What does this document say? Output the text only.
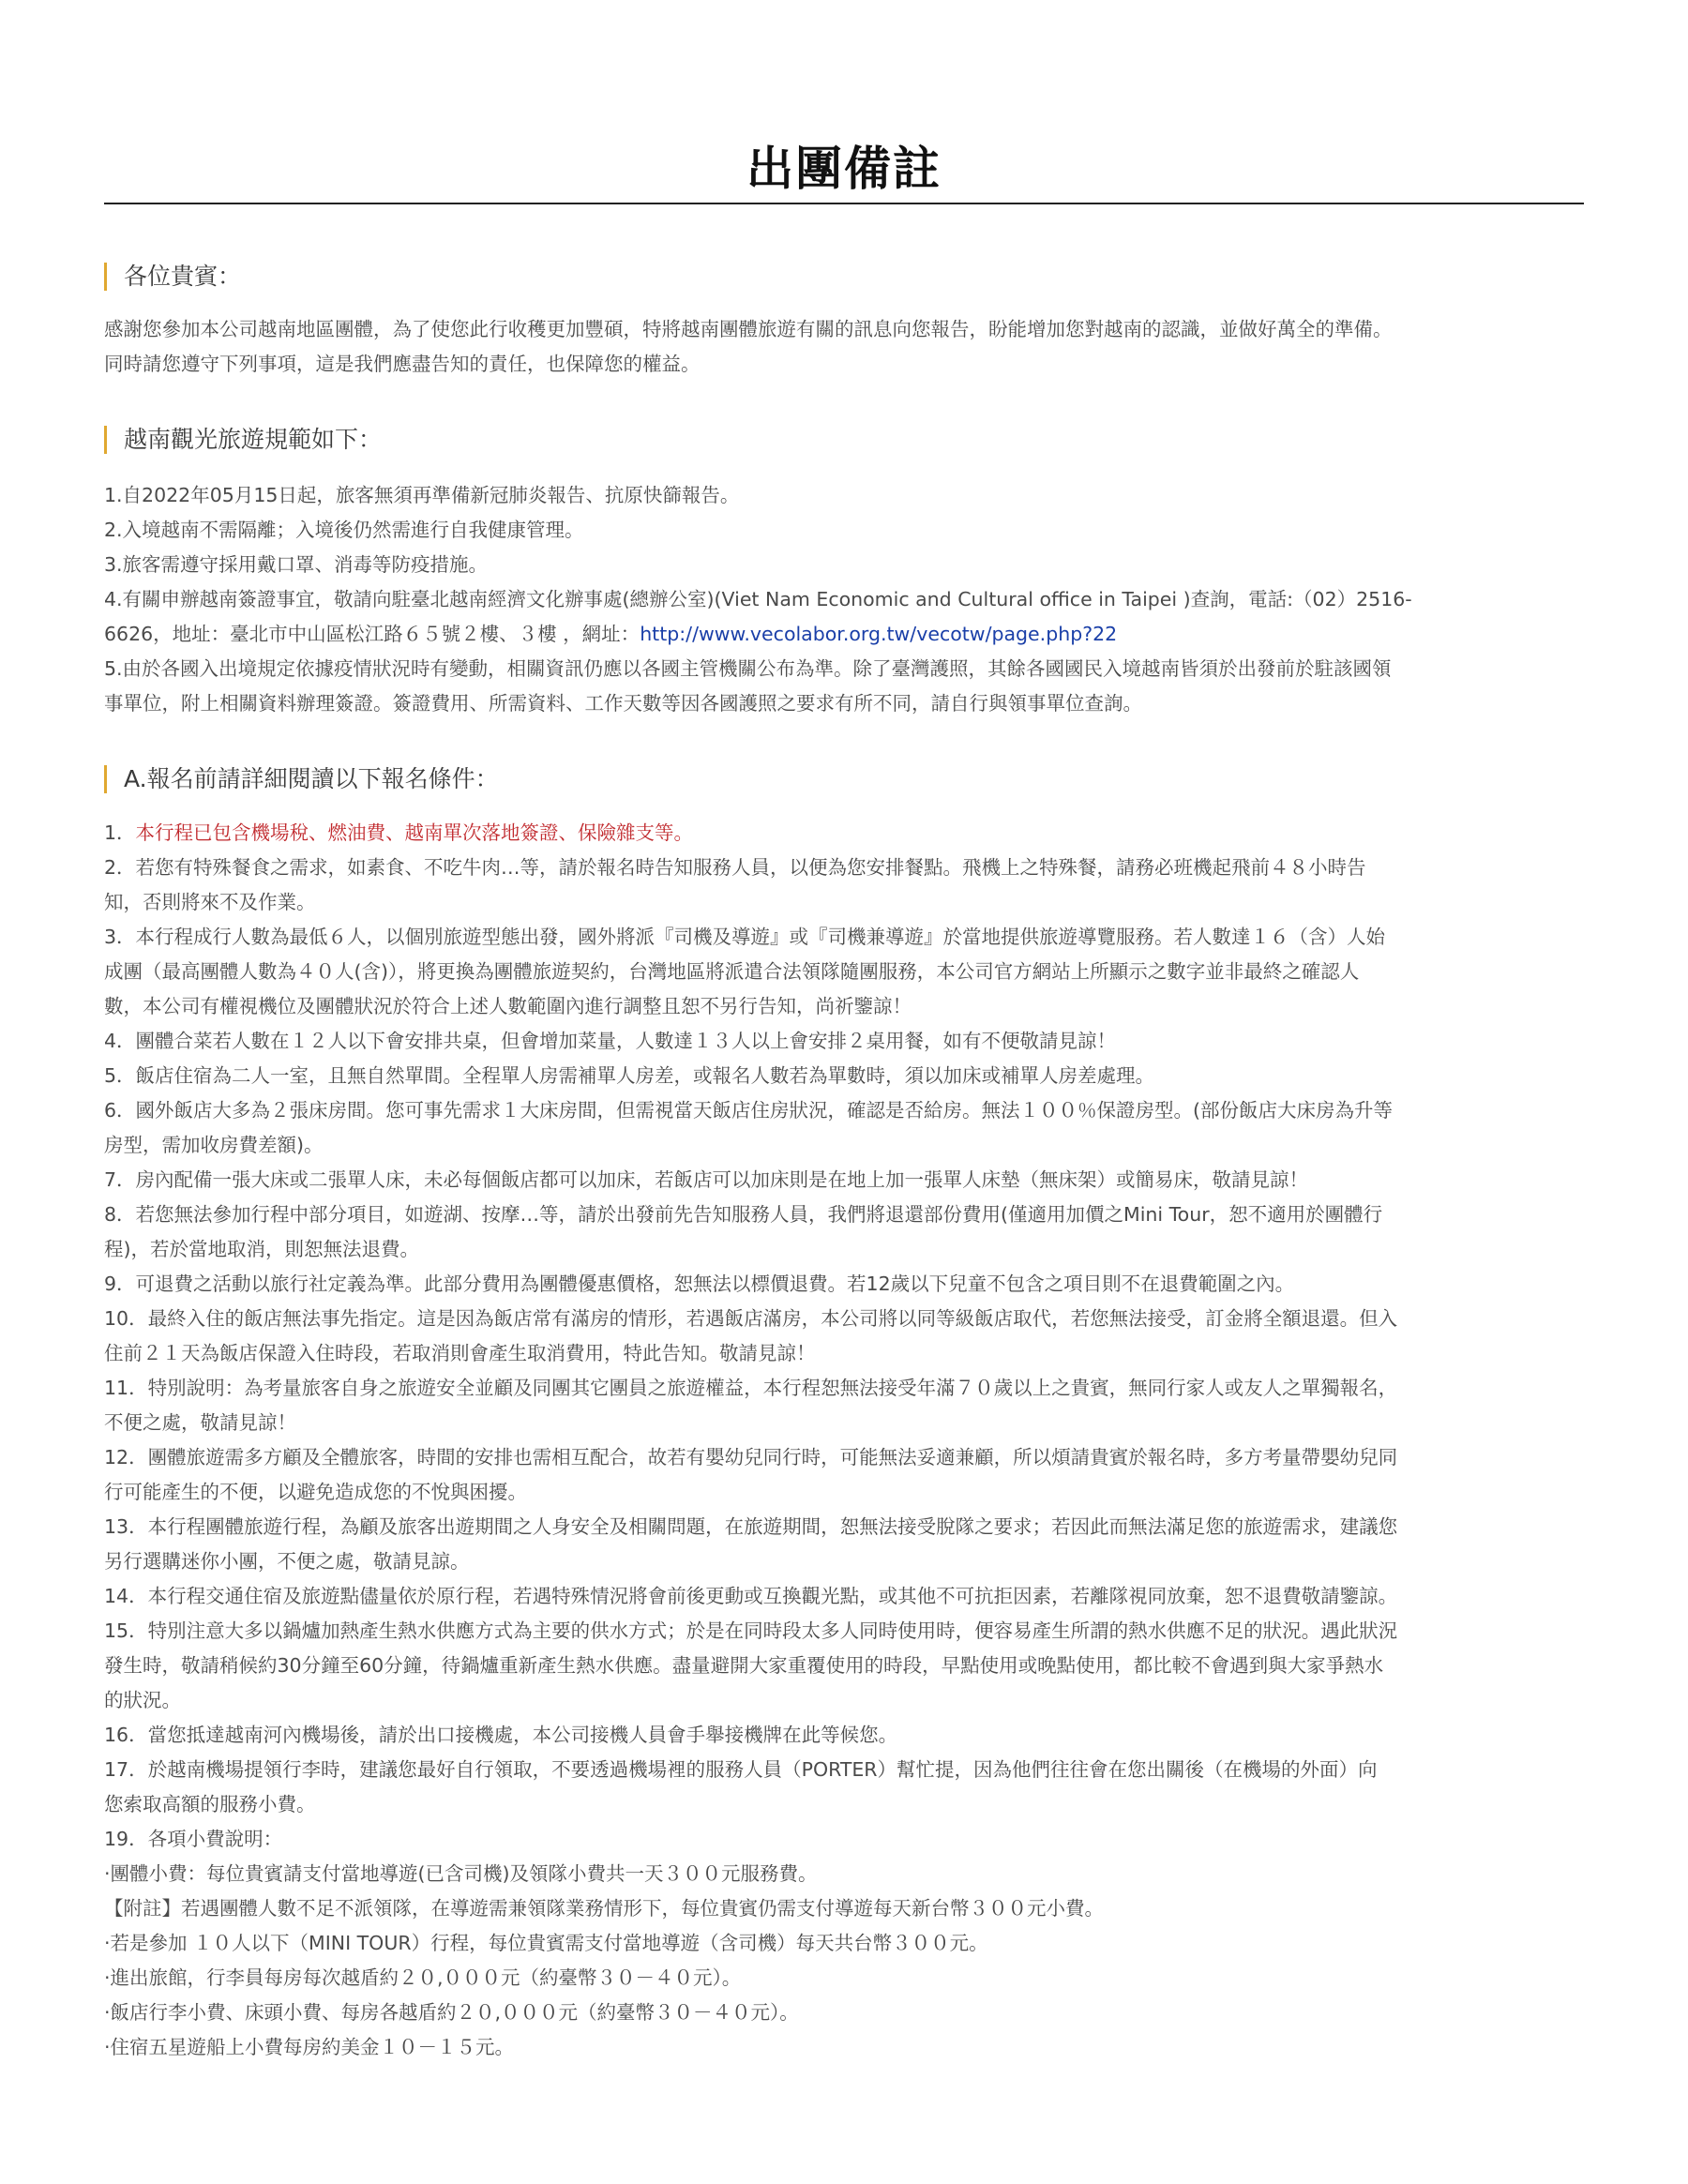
出團備註
各位貴賓：
感謝您參加本公司越南地區團體，為了使您此行收穫更加豐碩，特將越南團體旅遊有關的訊息向您報告，盼能增加您對越南的認識，並做好萬全的準備。
同時請您遵守下列事項，這是我們應盡告知的責任，也保障您的權益。
越南觀光旅遊規範如下：
1.自2022年05月15日起，旅客無須再準備新冠肺炎報告、抗原快篩報告。
2.入境越南不需隔離；入境後仍然需進行自我健康管理。
3.旅客需遵守採用戴口罩、消毒等防疫措施。
4.有關申辦越南簽證事宜，敬請向駐臺北越南經濟文化辦事處(總辦公室)(Viet Nam Economic and Cultural office in Taipei )查詢，電話:（02）2516-
6626，地址：臺北市中山區松江路６５號２樓、３樓 ，網址：http://www.vecolabor.org.tw/vecotw/page.php?22
5.由於各國入出境規定依據疫情狀況時有變動，相關資訊仍應以各國主管機關公布為準。除了臺灣護照，其餘各國國民入境越南皆須於出發前於駐該國領
事單位，附上相關資料辦理簽證。簽證費用、所需資料、工作天數等因各國護照之要求有所不同，請自行與領事單位查詢。
A.報名前請詳細閱讀以下報名條件：
1．本行程已包含機場稅、燃油費、越南單次落地簽證、保險雜支等。
2．若您有特殊餐食之需求，如素食、不吃牛肉…等，請於報名時告知服務人員，以便為您安排餐點。飛機上之特殊餐，請務必班機起飛前４８小時告
知，否則將來不及作業。
3．本行程成行人數為最低６人，以個別旅遊型態出發，國外將派『司機及導遊』或『司機兼導遊』於當地提供旅遊導覽服務。若人數達１６（含）人始
成團（最高團體人數為４０人(含)），將更換為團體旅遊契約，台灣地區將派遣合法領隊隨團服務，本公司官方網站上所顯示之數字並非最終之確認人
數，本公司有權視機位及團體狀況於符合上述人數範圍內進行調整且恕不另行告知，尚祈鑒諒！
4．團體合菜若人數在１２人以下會安排共桌，但會增加菜量，人數達１３人以上會安排２桌用餐，如有不便敬請見諒！
5．飯店住宿為二人一室，且無自然單間。全程單人房需補單人房差，或報名人數若為單數時，須以加床或補單人房差處理。
6．國外飯店大多為２張床房間。您可事先需求１大床房間，但需視當天飯店住房狀況，確認是否給房。無法１００％保證房型。(部份飯店大床房為升等
房型，需加收房費差額)。
7．房內配備一張大床或二張單人床，未必每個飯店都可以加床，若飯店可以加床則是在地上加一張單人床墊（無床架）或簡易床，敬請見諒！
8．若您無法參加行程中部分項目，如遊湖、按摩…等，請於出發前先告知服務人員，我們將退還部份費用(僅適用加價之Mini Tour，恕不適用於團體行
程)，若於當地取消，則恕無法退費。
9．可退費之活動以旅行社定義為準。此部分費用為團體優惠價格，恕無法以標價退費。若12歲以下兒童不包含之項目則不在退費範圍之內。
10．最終入住的飯店無法事先指定。這是因為飯店常有滿房的情形，若遇飯店滿房，本公司將以同等級飯店取代，若您無法接受，訂金將全額退還。但入
住前２１天為飯店保證入住時段，若取消則會產生取消費用，特此告知。敬請見諒！
11．特別說明：為考量旅客自身之旅遊安全並顧及同團其它團員之旅遊權益，本行程恕無法接受年滿７０歲以上之貴賓，無同行家人或友人之單獨報名，
不便之處，敬請見諒！
12．團體旅遊需多方顧及全體旅客，時間的安排也需相互配合，故若有嬰幼兒同行時，可能無法妥適兼顧，所以煩請貴賓於報名時，多方考量帶嬰幼兒同
行可能產生的不便，以避免造成您的不悅與困擾。
13．本行程團體旅遊行程，為顧及旅客出遊期間之人身安全及相關問題，在旅遊期間，恕無法接受脫隊之要求；若因此而無法滿足您的旅遊需求，建議您
另行選購迷你小團，不便之處，敬請見諒。
14．本行程交通住宿及旅遊點儘量依於原行程，若遇特殊情況將會前後更動或互換觀光點，或其他不可抗拒因素，若離隊視同放棄，恕不退費敬請鑒諒。
15．特別注意大多以鍋爐加熱產生熱水供應方式為主要的供水方式；於是在同時段太多人同時使用時，便容易產生所謂的熱水供應不足的狀況。遇此狀況
發生時，敬請稍候約30分鐘至60分鐘，待鍋爐重新產生熱水供應。盡量避開大家重覆使用的時段，早點使用或晚點使用，都比較不會遇到與大家爭熱水
的狀況。
16．當您抵達越南河內機場後，請於出口接機處，本公司接機人員會手舉接機牌在此等候您。
17．於越南機場提領行李時，建議您最好自行領取，不要透過機場裡的服務人員（PORTER）幫忙提，因為他們往往會在您出關後（在機場的外面）向
您索取高額的服務小費。
19．各項小費說明：
‧團體小費：每位貴賓請支付當地導遊(已含司機)及領隊小費共一天３００元服務費。
【附註】若遇團體人數不足不派領隊，在導遊需兼領隊業務情形下，每位貴賓仍需支付導遊每天新台幣３００元小費。
‧若是參加 １０人以下（MINI TOUR）行程，每位貴賓需支付當地導遊（含司機）每天共台幣３００元。
‧進出旅館，行李員每房每次越盾約２０,０００元（約臺幣３０－４０元）。
‧飯店行李小費、床頭小費、每房各越盾約２０,０００元（約臺幣３０－４０元）。
‧住宿五星遊船上小費每房約美金１０－１５元。
